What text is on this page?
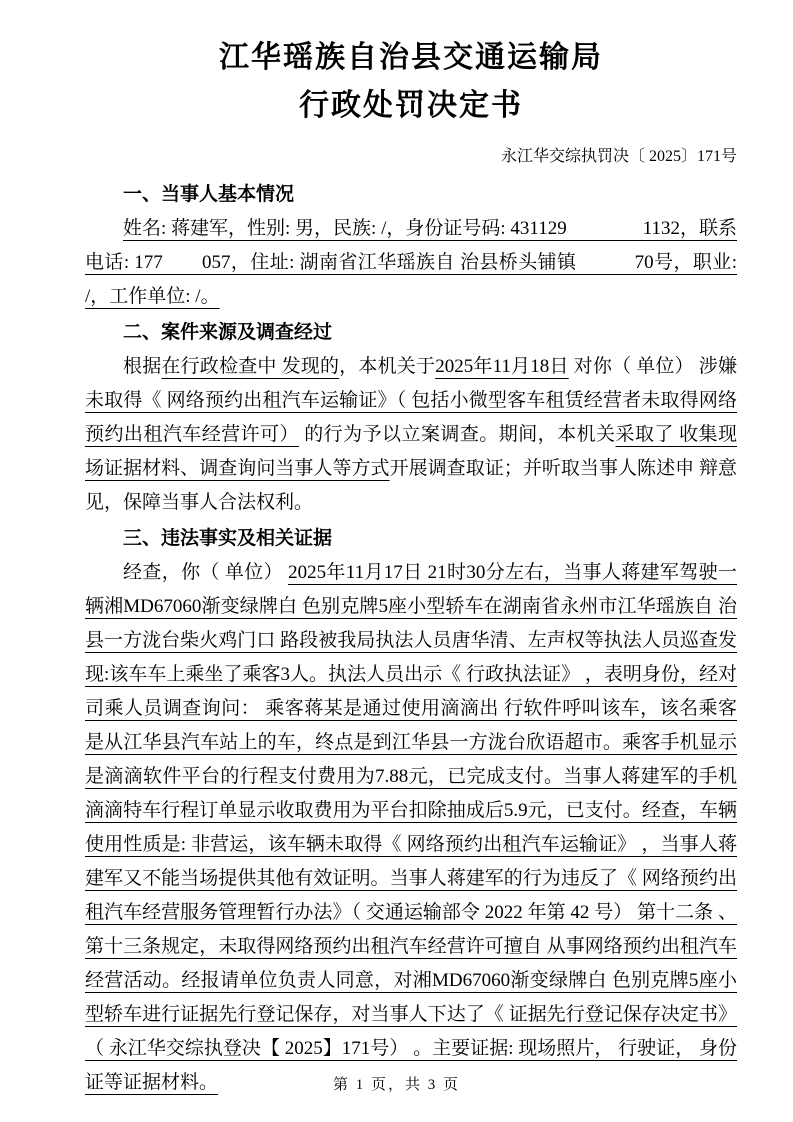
江华瑶族自治县交通运输局
行政处罚决定书
永江华交综执罚决〔 2025〕171号
一、当事人基本情况

姓名: 蒋建军，性别: 男，民族: /，身份证号码: 431129　　　　1132，联系电话: 177　　057，住址: 湖南省江华瑶族自 治县桥头铺镇　　　70号，职业: /，工作单位: /。

二、案件来源及调查经过

根据在行政检查中 发现的，本机关于2025年11月18日 对你（ 单位） 涉嫌未取得《 网络预约出租汽车运输证》（ 包括小微型客车租赁经营者未取得网络预约出租汽车经营许可） 的行为予以立案调查。期间，本机关采取了 收集现场证据材料、调查询问当事人等方式开展调查取证；并听取当事人陈述申 辩意见，保障当事人合法权利。

三、违法事实及相关证据

经查，你（ 单位） 2025年11月17日 21时30分左右，当事人蒋建军驾驶一辆湘MD67060渐变绿牌白 色别克牌5座小型轿车在湖南省永州市江华瑶族自 治县一方泷台柴火鸡门口 路段被我局执法人员唐华清、左声权等执法人员巡查发现:该车车上乘坐了乘客3人。执法人员出示《 行政执法证》 ，表明身份，经对司乘人员调查询问： 乘客蒋某是通过使用滴滴出 行软件呼叫该车，该名乘客是从江华县汽车站上的车，终点是到江华县一方泷台欣语超市。乘客手机显示是滴滴软件平台的行程支付费用为7.88元，已完成支付。当事人蒋建军的手机滴滴特车行程订单显示收取费用为平台扣除抽成后5.9元，已支付。经查，车辆使用性质是: 非营运，该车辆未取得《 网络预约出租汽车运输证》 ，当事人蒋建军又不能当场提供其他有效证明。当事人蒋建军的行为违反了《 网络预约出租汽车经营服务管理暂行办法》（ 交通运输部令 2022 年第 42 号） 第十二条 、第十三条规定，未取得网络预约出租汽车经营许可擅自 从事网络预约出租汽车经营活动。经报请单位负责人同意，对湘MD67060渐变绿牌白 色别克牌5座小型轿车进行证据先行登记保存，对当事人下达了《 证据先行登记保存决定书》（ 永江华交综执登决【 2025】171号） 。主要证据: 现场照片， 行驶证， 身份证等证据材料。	第 1 页，共 3 页
